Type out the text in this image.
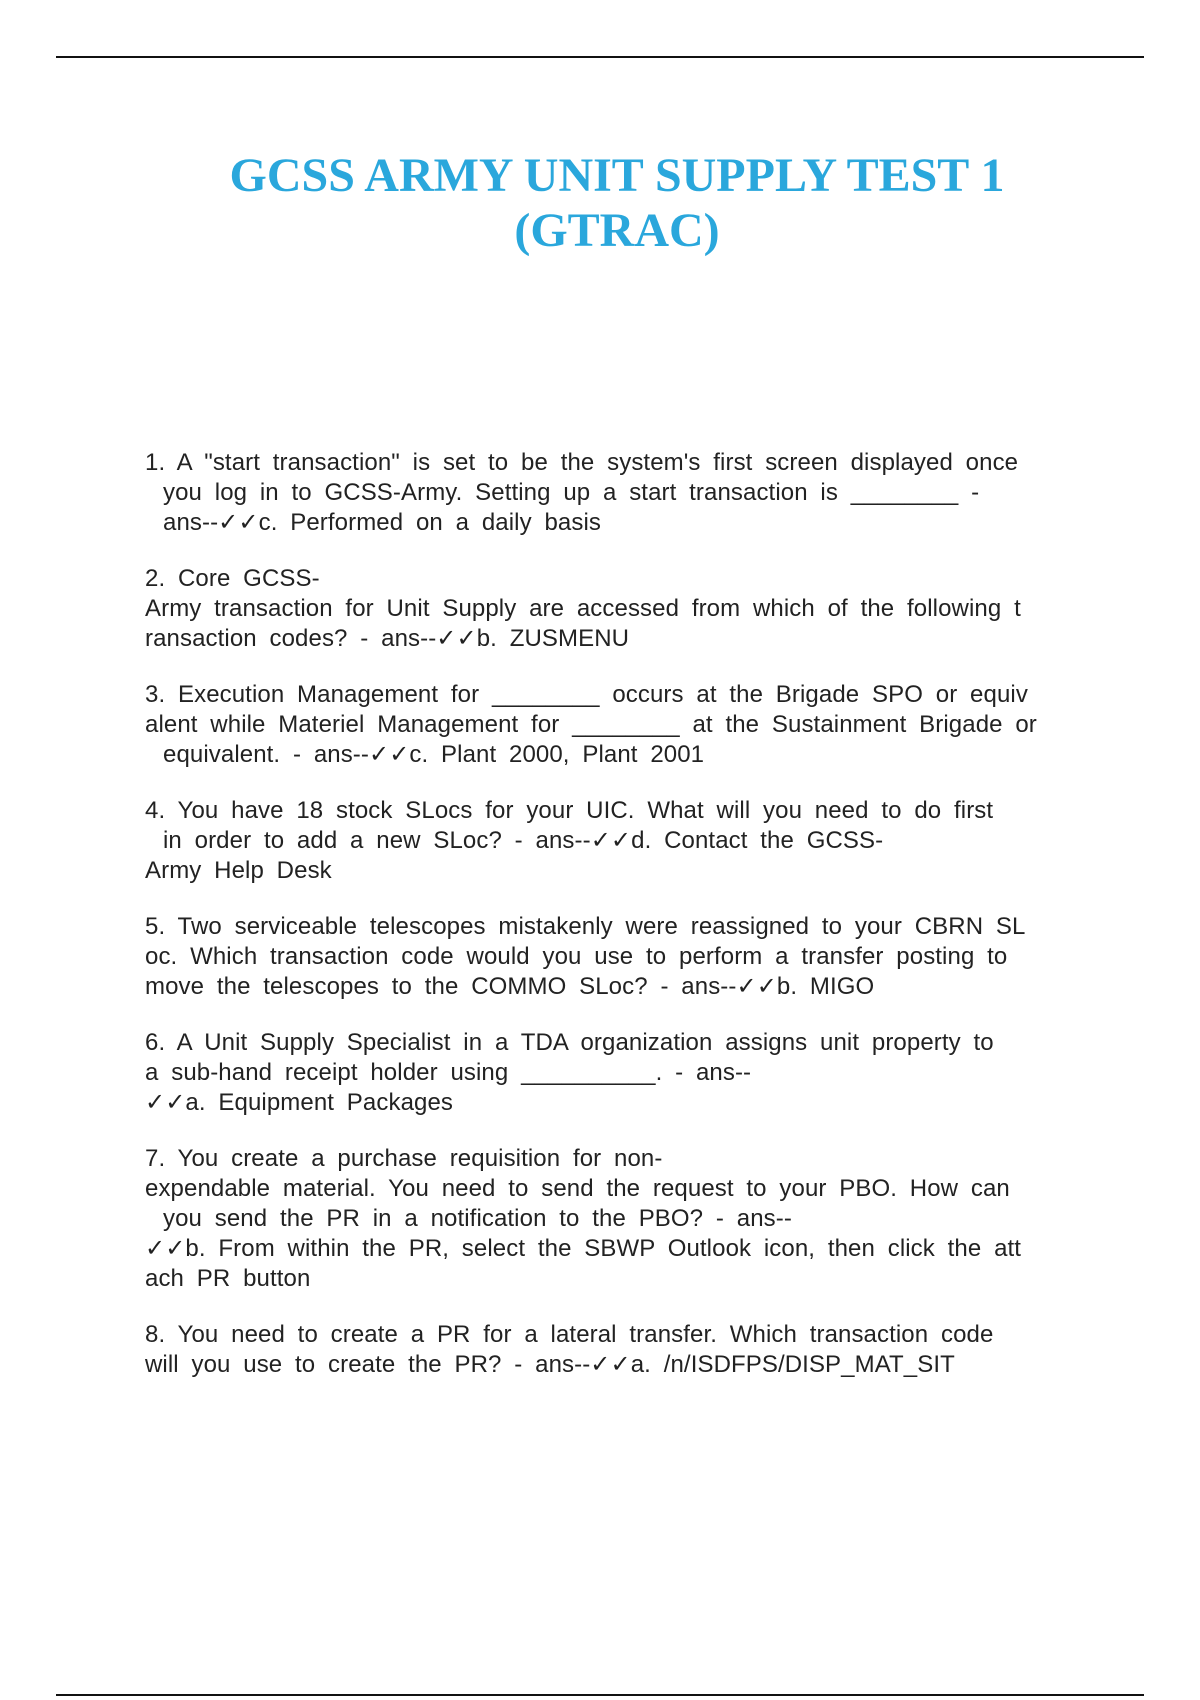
GCSS ARMY UNIT SUPPLY TEST 1
(GTRAC)
1. A "start transaction" is set to be the system's first screen displayed once
you log in to GCSS-Army. Setting up a start transaction is ________ -
ans--✓✓c. Performed on a daily basis
2. Core GCSS-
Army transaction for Unit Supply are accessed from which of the following t
ransaction codes? - ans--✓✓b. ZUSMENU
3. Execution Management for ________ occurs at the Brigade SPO or equiv
alent while Materiel Management for ________ at the Sustainment Brigade or
equivalent. - ans--✓✓c. Plant 2000, Plant 2001
4. You have 18 stock SLocs for your UIC. What will you need to do first
in order to add a new SLoc? - ans--✓✓d. Contact the GCSS-
Army Help Desk
5. Two serviceable telescopes mistakenly were reassigned to your CBRN SL
oc. Which transaction code would you use to perform a transfer posting to
move the telescopes to the COMMO SLoc? - ans--✓✓b. MIGO
6. A Unit Supply Specialist in a TDA organization assigns unit property to
a sub-hand receipt holder using __________. - ans--
✓✓a. Equipment Packages
7. You create a purchase requisition for non-
expendable material. You need to send the request to your PBO. How can
you send the PR in a notification to the PBO? - ans--
✓✓b. From within the PR, select the SBWP Outlook icon, then click the att
ach PR button
8. You need to create a PR for a lateral transfer. Which transaction code
will you use to create the PR? - ans--✓✓a. /n/ISDFPS/DISP_MAT_SIT
